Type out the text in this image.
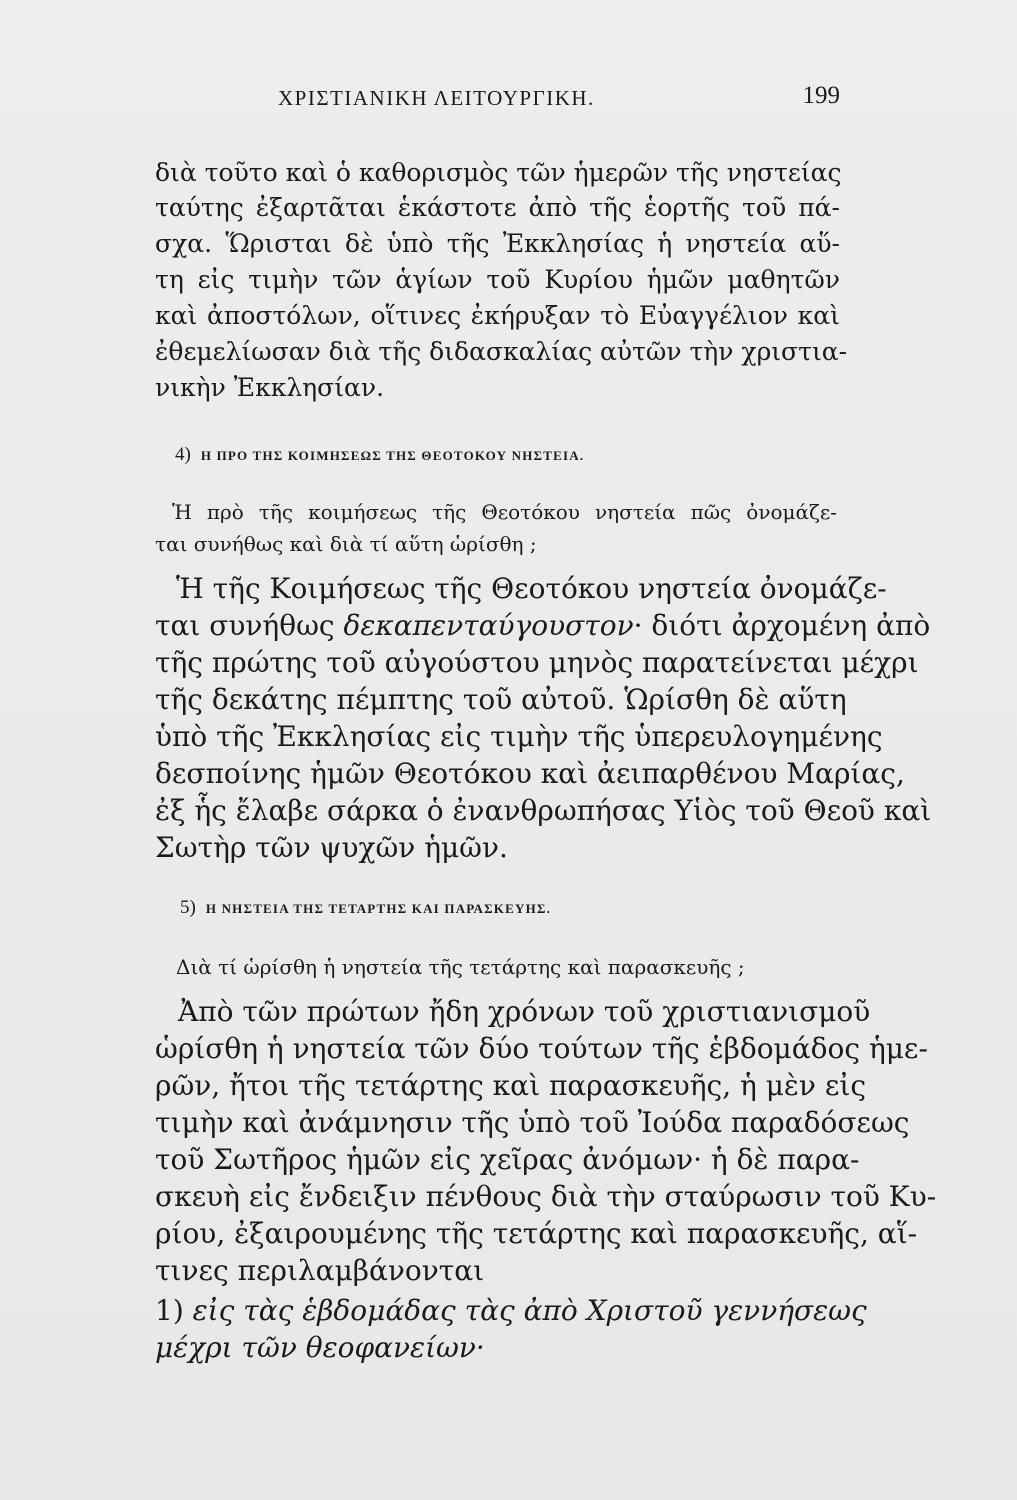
ΧΡΙΣΤΙΑΝΙΚΗ ΛΕΙΤΟΥΡΓΙΚΗ.	199
διὰ τοῦτο καὶ ὁ καθορισμὸς τῶν ἡμερῶν τῆς νηστείας
ταύτης ἐξαρτᾶται ἑκάστοτε ἀπὸ τῆς ἑορτῆς τοῦ πά-
σχα. Ὥρισται δὲ ὑπὸ τῆς Ἐκκλησίας ἡ νηστεία αὕ-
τη εἰς τιμὴν τῶν ἁγίων τοῦ Κυρίου ἡμῶν μαθητῶν
καὶ ἀποστόλων, οἵτινες ἐκήρυξαν τὸ Εὐαγγέλιον καὶ
ἐθεμελίωσαν διὰ τῆς διδασκαλίας αὐτῶν τὴν χριστια-
νικὴν Ἐκκλησίαν.
4) Η ΠΡΟ ΤΗΣ ΚΟΙΜΗΣΕΩΣ ΤΗΣ ΘΕΟΤΟΚΟΥ ΝΗΣΤΕΙΑ.
Ἡ πρὸ τῆς κοιμήσεως τῆς Θεοτόκου νηστεία πῶς ὀνομάζε-
ται συνήθως καὶ διὰ τί αὕτη ὡρίσθη ;
Ἡ τῆς Κοιμήσεως τῆς Θεοτόκου νηστεία ὀνομάζε-
ται συνήθως δεκαπενταύγουστον· διότι ἀρχομένη ἀπὸ
τῆς πρώτης τοῦ αὐγούστου μηνὸς παρατείνεται μέχρι
τῆς δεκάτης πέμπτης τοῦ αὐτοῦ. Ὡρίσθη δὲ αὕτη
ὑπὸ τῆς Ἐκκλησίας εἰς τιμὴν τῆς ὑπερευλογημένης
δεσποίνης ἡμῶν Θεοτόκου καὶ ἀειπαρθένου Μαρίας,
ἐξ ἧς ἔλαβε σάρκα ὁ ἐνανθρωπήσας Υἱὸς τοῦ Θεοῦ καὶ
Σωτὴρ τῶν ψυχῶν ἡμῶν.
5) Η ΝΗΣΤΕΙΑ ΤΗΣ ΤΕΤΑΡΤΗΣ ΚΑΙ ΠΑΡΑΣΚΕΥΗΣ.
Διὰ τί ὡρίσθη ἡ νηστεία τῆς τετάρτης καὶ παρασκευῆς ;
Ἀπὸ τῶν πρώτων ἤδη χρόνων τοῦ χριστιανισμοῦ
ὡρίσθη ἡ νηστεία τῶν δύο τούτων τῆς ἑβδομάδος ἡμε-
ρῶν, ἤτοι τῆς τετάρτης καὶ παρασκευῆς, ἡ μὲν εἰς
τιμὴν καὶ ἀνάμνησιν τῆς ὑπὸ τοῦ Ἰούδα παραδόσεως
τοῦ Σωτῆρος ἡμῶν εἰς χεῖρας ἀνόμων· ἡ δὲ παρα-
σκευὴ εἰς ἔνδειξιν πένθους διὰ τὴν σταύρωσιν τοῦ Κυ-
ρίου, ἐξαιρουμένης τῆς τετάρτης καὶ παρασκευῆς, αἵ-
τινες περιλαμβάνονται
1) εἰς τὰς ἑβδομάδας τὰς ἀπὸ Χριστοῦ γεννήσεως
μέχρι τῶν θεοφανείων·
